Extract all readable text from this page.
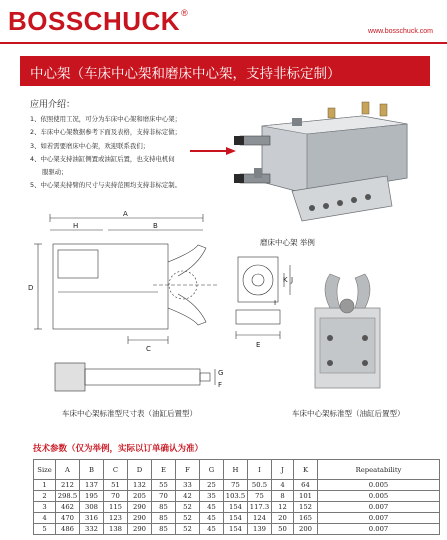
BOSSCHUCK®
www.bosschuck.com
中心架（车床中心架和磨床中心架，支持非标定制）
应用介绍：
1、依照使用工况，可分为车床中心架和磨床中心架；
2、车床中心架数据参考下面及表格，支持非标定做；
3、如若需要磨床中心架，欢迎联系我们；
4、中心架支持油缸侧置或油缸后置，也支持电机伺
服驱动；
5、中心架夹持臂的尺寸与夹持范围均支持非标定制。
磨床中心架 举例
A
H	B
D
C
K J
I
E
G
F
车床中心架标准型尺寸表（油缸后置型）	车床中心架标准型（油缸后置型）
技术参数（仅为举例，实际以订单确认为准）
Size	A	B	C	D	E	F	G	H	I	J	K	Repeatability
1	212	137	51	132	55	33	25	75	50.5	4	64	0.005
2	298.5	195	70	205	70	42	35	103.5	75	8	101	0.005
3	462	308	115	290	85	52	45	154	117.3	12	152	0.007
4	470	316	123	290	85	52	45	154	124	20	165	0.007
5	486	332	138	290	85	52	45	154	139	50	200	0.007
